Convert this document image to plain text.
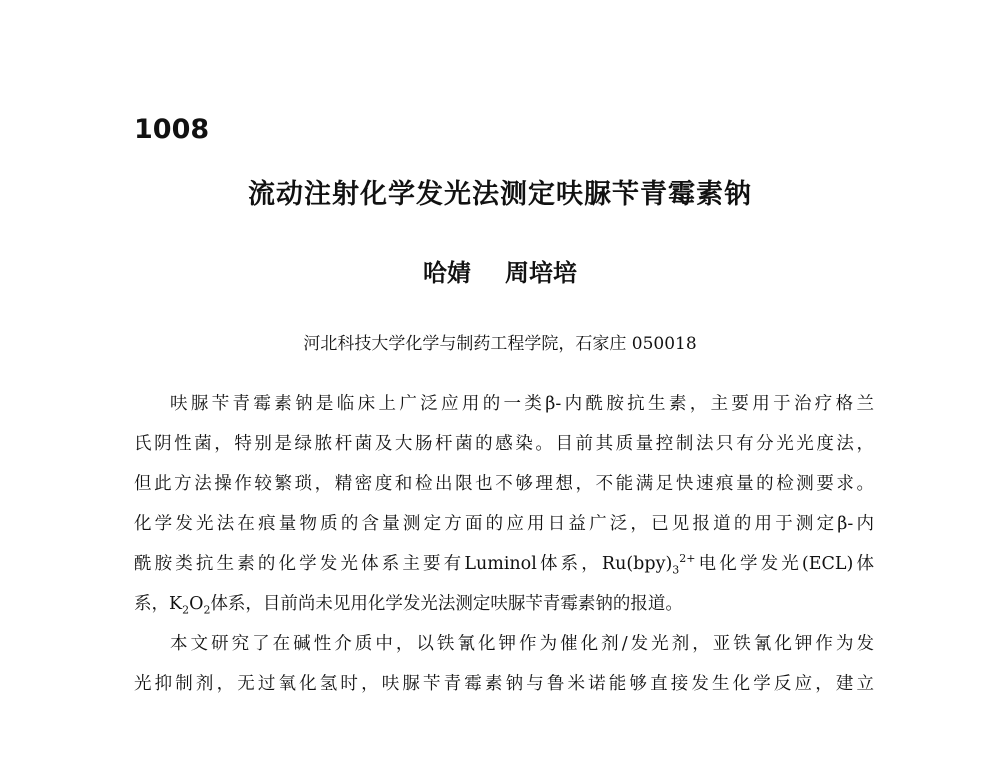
1008
流动注射化学发光法测定呋脲苄青霉素钠
哈婧 周培培
河北科技大学化学与制药工程学院，石家庄 050018
呋脲苄青霉素钠是临床上广泛应用的一类β-内酰胺抗生素，主要用于治疗格兰
氏阴性菌，特别是绿脓杆菌及大肠杆菌的感染。目前其质量控制法只有分光光度法，
但此方法操作较繁琐，精密度和检出限也不够理想，不能满足快速痕量的检测要求。
化学发光法在痕量物质的含量测定方面的应用日益广泛，已见报道的用于测定β-内
酰胺类抗生素的化学发光体系主要有Luminol体系，$Ru(bpy)_3^{2+}$电化学发光(ECL)体
系，$K_2O_2$体系，目前尚未见用化学发光法测定呋脲苄青霉素钠的报道。
本文研究了在碱性介质中，以铁氰化钾作为催化剂/发光剂，亚铁氰化钾作为发
光抑制剂，无过氧化氢时，呋脲苄青霉素钠与鲁米诺能够直接发生化学反应，建立
